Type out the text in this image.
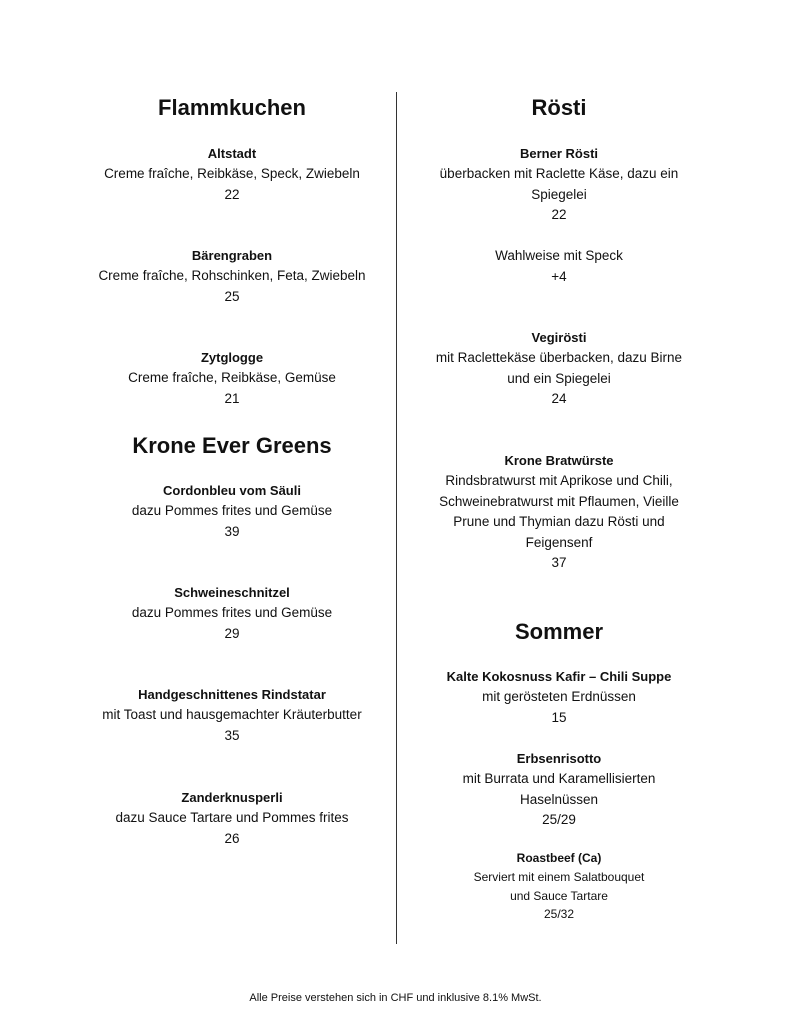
Flammkuchen
Altstadt
Creme fraîche, Reibkäse, Speck, Zwiebeln
22
Bärengraben
Creme fraîche, Rohschinken, Feta, Zwiebeln
25
Zytglogge
Creme fraîche, Reibkäse, Gemüse
21
Krone Ever Greens
Cordonbleu vom Säuli
dazu Pommes frites und Gemüse
39
Schweineschnitzel
dazu Pommes frites und Gemüse
29
Handgeschnittenes Rindstatar
mit Toast und hausgemachter Kräuterbutter
35
Zanderknusperli
dazu Sauce Tartare und Pommes frites
26
Rösti
Berner Rösti
überbacken mit Raclette Käse, dazu ein
Spiegelei
22
Wahlweise mit Speck
+4
Vegirösti
mit Raclettekäse überbacken, dazu Birne
und ein Spiegelei
24
Krone Bratwürste
Rindsbratwurst mit Aprikose und Chili,
Schweinebratwurst mit Pflaumen, Vieille
Prune und Thymian dazu Rösti und
Feigensenf
37
Sommer
Kalte Kokosnuss Kafir – Chili Suppe
mit gerösteten Erdnüssen
15
Erbsenrisotto
mit Burrata und Karamellisierten
Haselnüssen
25/29
Roastbeef (Ca)
Serviert mit einem Salatbouquet
und Sauce Tartare
25/32
Alle Preise verstehen sich in CHF und inklusive 8.1% MwSt.
